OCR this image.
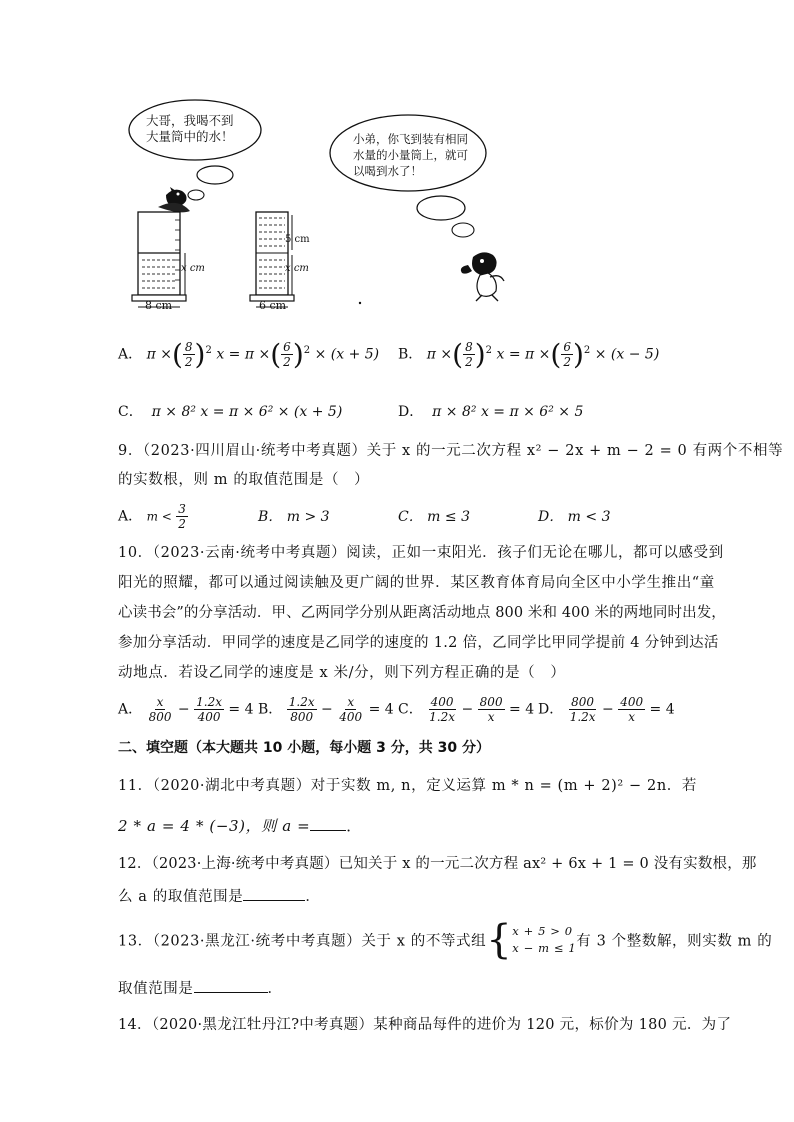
大哥，我喝不到
大量筒中的水！	小弟，你飞到装有相同
水量的小量筒上，就可
以喝到水了！
x cm
8 cm
5 cm
x cm
6 cm
A． π ×( $\frac{8}{2} )^2$ x = π ×( $\frac{6}{2} )^2 \times (x + 5)$ B． π ×( $\frac{8}{2} )^2$ x = π ×( $\frac{6}{2} )^2 \times (x - 5)$
C． π × 8² x = π × 6² × (x + 5)	D． π × 8² x = π × 6² × 5
9．（2023·四川眉山·统考中考真题）关于 x 的一元二次方程 x² − 2x + m − 2 = 0 有两个不相等
的实数根，则 m 的取值范围是（　）
A． $m < \frac{3}{2}$	B． m > 3	C． m ≤ 3	D． m < 3
10．（2023·云南·统考中考真题）阅读，正如一束阳光．孩子们无论在哪儿，都可以感受到
阳光的照耀，都可以通过阅读触及更广阔的世界．某区教育体育局向全区中小学生推出“童
心读书会”的分享活动．甲、乙两同学分别从距离活动地点 800 米和 400 米的两地同时出发，
参加分享活动．甲同学的速度是乙同学的速度的 1.2 倍，乙同学比甲同学提前 4 分钟到达活
动地点．若设乙同学的速度是 x 米/分，则下列方程正确的是（　）
A． $\frac{x}{800} - \frac{1.2x}{400} = 4$ B． $\frac{1.2x}{800} - \frac{x}{400} = 4$ C． $\frac{400}{1.2x} - \frac{800}{x} = 4$ D． $\frac{800}{1.2x} - \frac{400}{x} = 4$
二、填空题（本大题共 10 小题，每小题 3 分，共 30 分）
11．（2020·湖北中考真题）对于实数 m, n，定义运算 m * n = (m + 2)² − 2n．若
2 * a = 4 * (−3)，则 a = ．
12．（2023·上海·统考中考真题）已知关于 x 的一元二次方程 ax² + 6x + 1 = 0 没有实数根，那
么 a 的取值范围是	．
13．（2023·黑龙江·统考中考真题）关于 x 的不等式组{ x + 5 > 0
x − m ≤ 1 有 3 个整数解，则实数 m 的
取值范围是	．
14．（2020·黑龙江牡丹江?中考真题）某种商品每件的进价为 120 元，标价为 180 元．为了
